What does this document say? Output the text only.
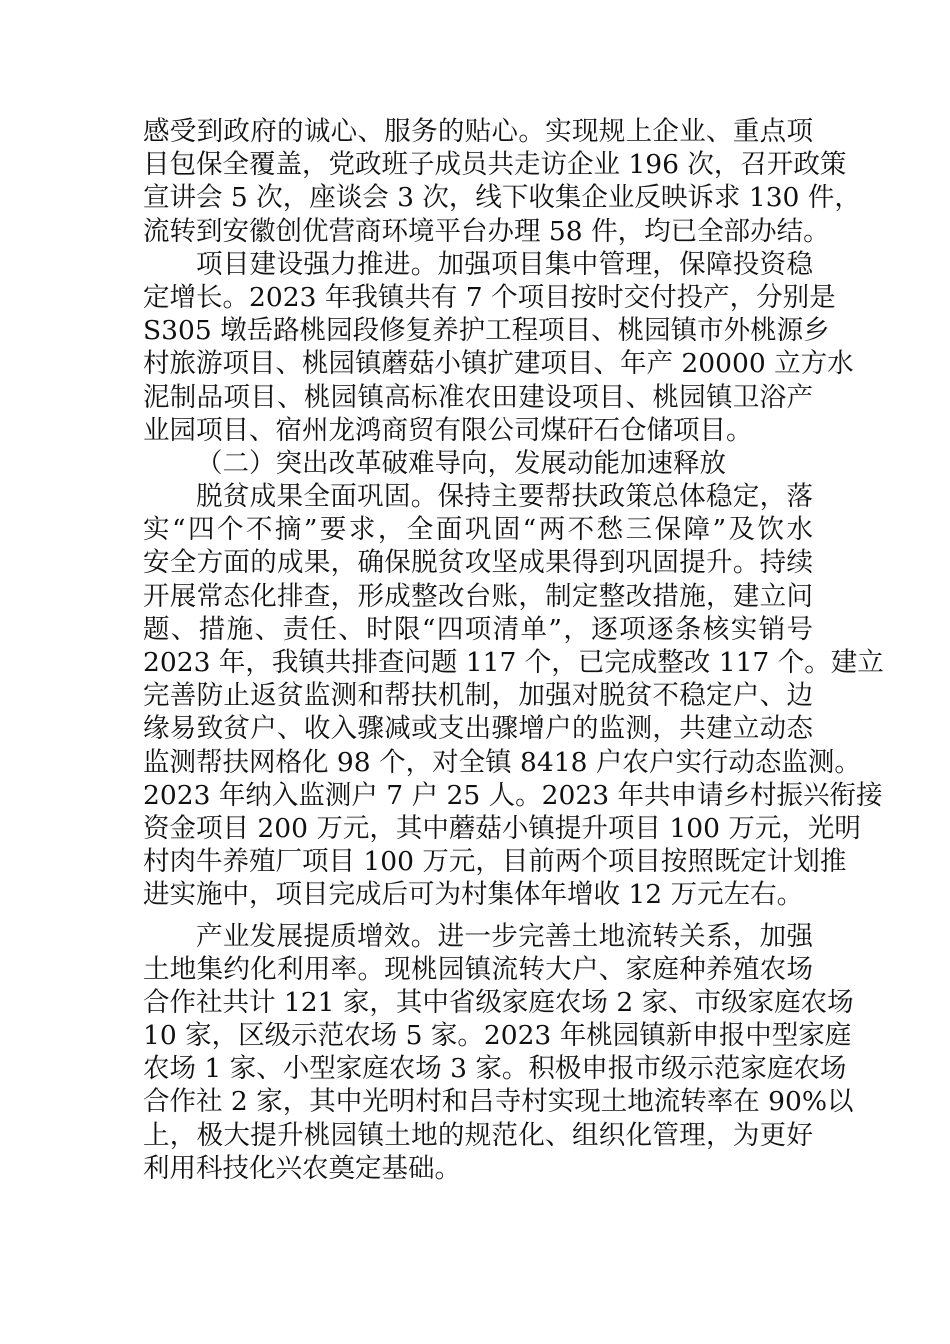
感受到政府的诚心、服务的贴心。实现规上企业、重点项
目包保全覆盖，党政班子成员共走访企业 196 次，召开政策
宣讲会 5 次，座谈会 3 次，线下收集企业反映诉求 130 件，
流转到安徽创优营商环境平台办理 58 件，均已全部办结。
项目建设强力推进。加强项目集中管理，保障投资稳
定增长。2023 年我镇共有 7 个项目按时交付投产，分别是
S305 墩岳路桃园段修复养护工程项目、桃园镇市外桃源乡
村旅游项目、桃园镇蘑菇小镇扩建项目、年产 20000 立方水
泥制品项目、桃园镇高标准农田建设项目、桃园镇卫浴产
业园项目、宿州龙鸿商贸有限公司煤矸石仓储项目。
（二）突出改革破难导向，发展动能加速释放
脱贫成果全面巩固。保持主要帮扶政策总体稳定，落
实“四个不摘”要求，全面巩固“两不愁三保障”及饮水
安全方面的成果，确保脱贫攻坚成果得到巩固提升。持续
开展常态化排查，形成整改台账，制定整改措施，建立问
题、措施、责任、时限“四项清单”，逐项逐条核实销号
2023 年，我镇共排查问题 117 个，已完成整改 117 个。建立
完善防止返贫监测和帮扶机制，加强对脱贫不稳定户、边
缘易致贫户、收入骤减或支出骤增户的监测，共建立动态
监测帮扶网格化 98 个，对全镇 8418 户农户实行动态监测。
2023 年纳入监测户 7 户 25 人。2023 年共申请乡村振兴衔接
资金项目 200 万元，其中蘑菇小镇提升项目 100 万元，光明
村肉牛养殖厂项目 100 万元，目前两个项目按照既定计划推
进实施中，项目完成后可为村集体年增收 12 万元左右。
产业发展提质增效。进一步完善土地流转关系，加强
土地集约化利用率。现桃园镇流转大户、家庭种养殖农场
合作社共计 121 家，其中省级家庭农场 2 家、市级家庭农场
10 家，区级示范农场 5 家。2023 年桃园镇新申报中型家庭
农场 1 家、小型家庭农场 3 家。积极申报市级示范家庭农场
合作社 2 家，其中光明村和吕寺村实现土地流转率在 90%以
上，极大提升桃园镇土地的规范化、组织化管理，为更好
利用科技化兴农奠定基础。
